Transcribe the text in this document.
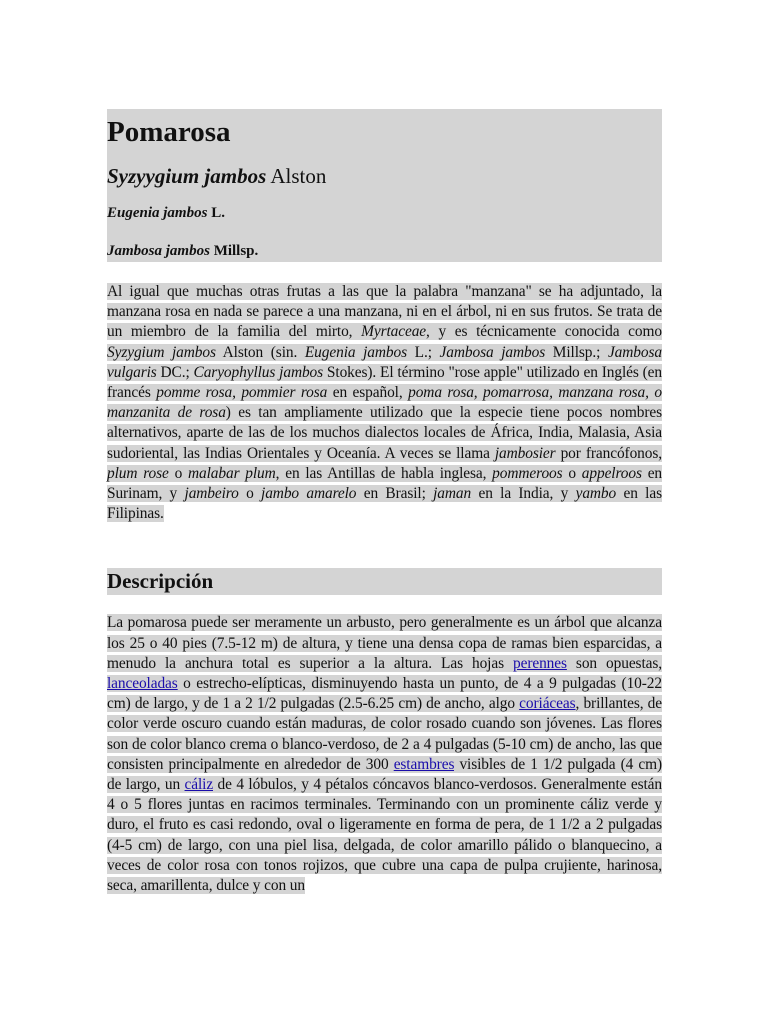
Pomarosa

Syzyygium jambos Alston

Eugenia jambos L.

Jambosa jambos Millsp.

Al igual que muchas otras frutas a las que la palabra "manzana" se ha adjuntado, la manzana rosa en nada se parece a una manzana, ni en el árbol, ni en sus frutos. Se trata de un miembro de la familia del mirto, Myrtaceae, y es técnicamente conocida como Syzygium jambos Alston (sin. Eugenia jambos L.; Jambosa jambos Millsp.; Jambosa vulgaris DC.; Caryophyllus jambos Stokes). El término "rose apple" utilizado en Inglés (en francés pomme rosa, pommier rosa en español, poma rosa, pomarrosa, manzana rosa, o manzanita de rosa) es tan ampliamente utilizado que la especie tiene pocos nombres alternativos, aparte de las de los muchos dialectos locales de África, India, Malasia, Asia sudoriental, las Indias Orientales y Oceanía. A veces se llama jambosier por francófonos, plum rose o malabar plum, en las Antillas de habla inglesa, pommeroos o appelroos en Surinam, y jambeiro o jambo amarelo en Brasil; jaman en la India, y yambo en las Filipinas.

Descripción

La pomarosa puede ser meramente un arbusto, pero generalmente es un árbol que alcanza los 25 o 40 pies (7.5-12 m) de altura, y tiene una densa copa de ramas bien esparcidas, a menudo la anchura total es superior a la altura. Las hojas perennes son opuestas, lanceoladas o estrecho-elípticas, disminuyendo hasta un punto, de 4 a 9 pulgadas (10-22 cm) de largo, y de 1 a 2 1/2 pulgadas (2.5-6.25 cm) de ancho, algo coriáceas, brillantes, de color verde oscuro cuando están maduras, de color rosado cuando son jóvenes. Las flores son de color blanco crema o blanco-verdoso, de 2 a 4 pulgadas (5-10 cm) de ancho, las que consisten principalmente en alrededor de 300 estambres visibles de 1 1/2 pulgada (4 cm) de largo, un cáliz de 4 lóbulos, y 4 pétalos cóncavos blanco-verdosos. Generalmente están 4 o 5 flores juntas en racimos terminales. Terminando con un prominente cáliz verde y duro, el fruto es casi redondo, oval o ligeramente en forma de pera, de 1 1/2 a 2 pulgadas (4-5 cm) de largo, con una piel lisa, delgada, de color amarillo pálido o blanquecino, a veces de color rosa con tonos rojizos, que cubre una capa de pulpa crujiente, harinosa, seca, amarillenta, dulce y con un
